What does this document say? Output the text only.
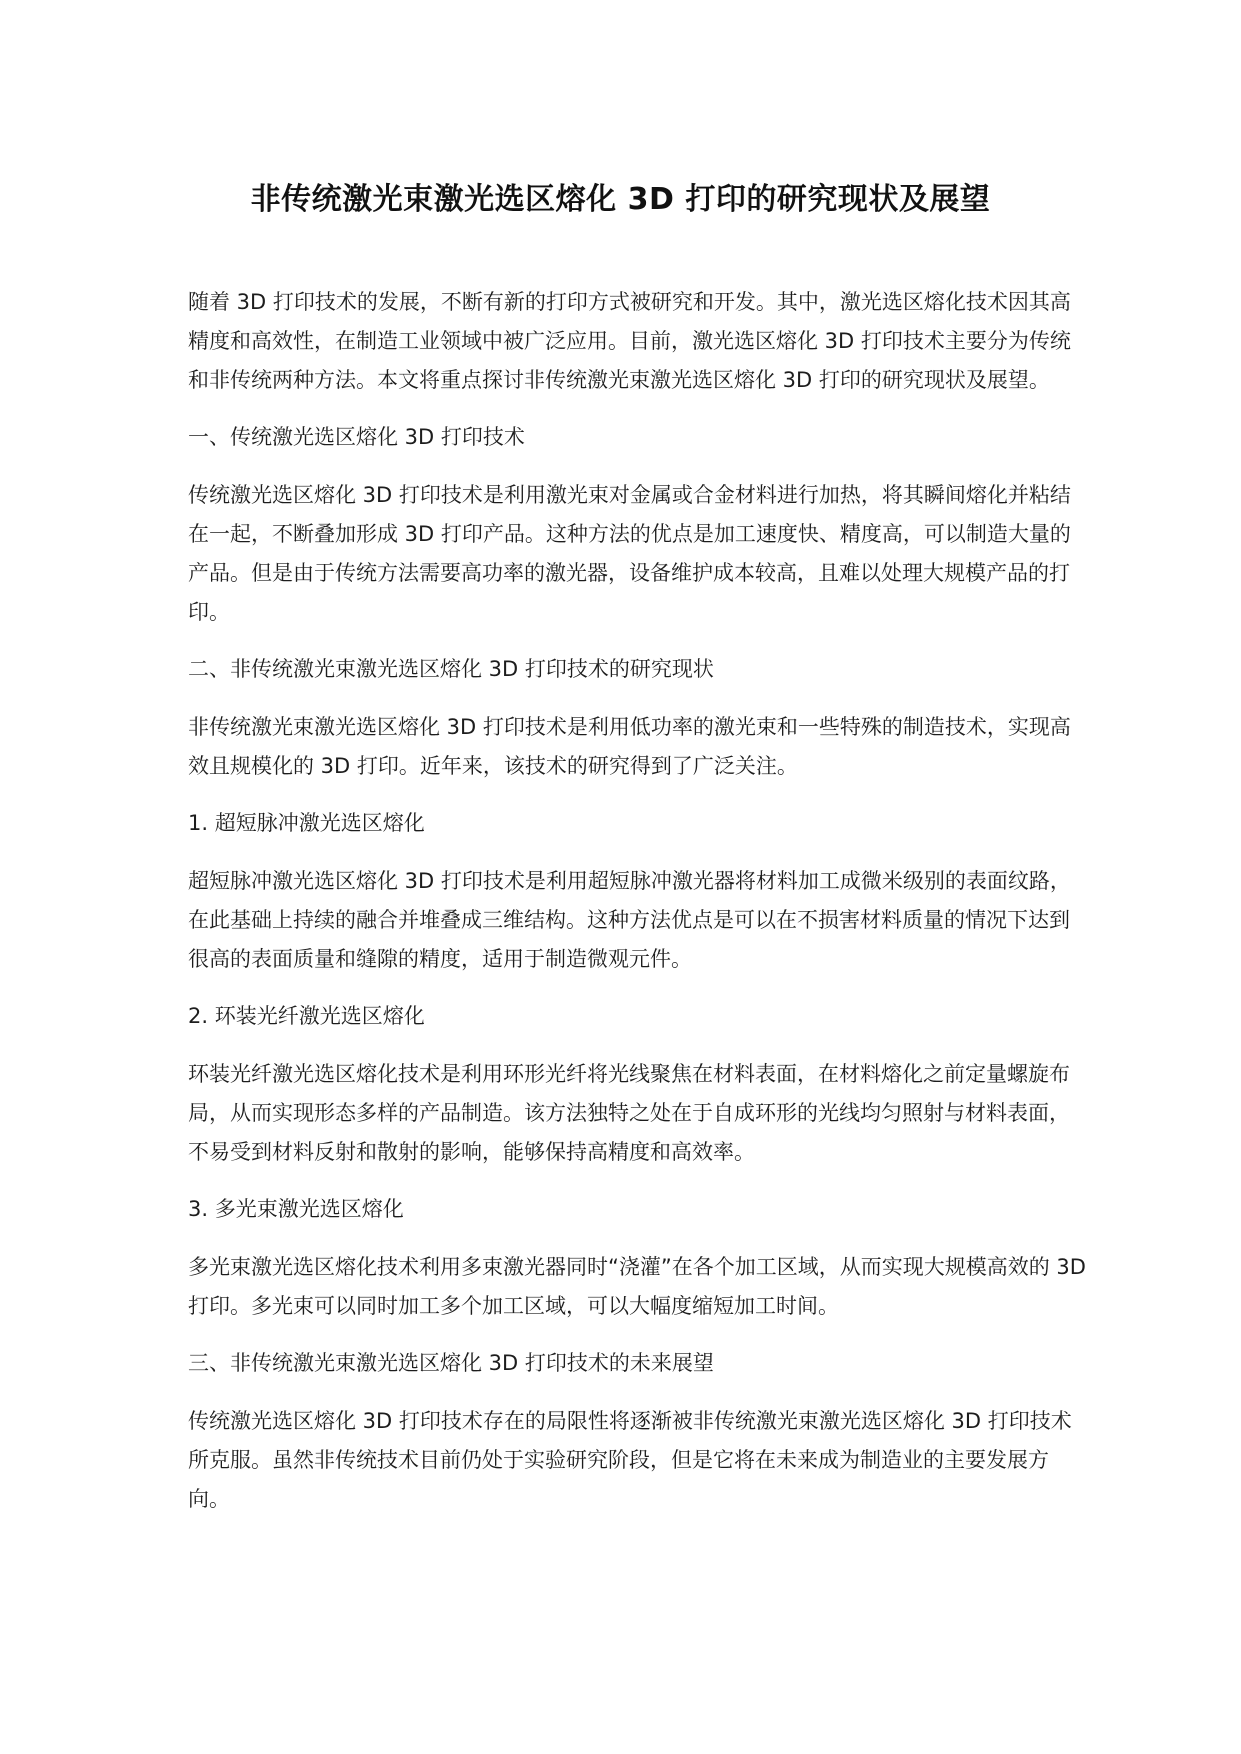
非传统激光束激光选区熔化 3D 打印的研究现状及展望

随着 3D 打印技术的发展，不断有新的打印方式被研究和开发。其中，激光选区熔化技术因其高精度和高效性，在制造工业领域中被广泛应用。目前，激光选区熔化 3D 打印技术主要分为传统和非传统两种方法。本文将重点探讨非传统激光束激光选区熔化 3D 打印的研究现状及展望。

一、传统激光选区熔化 3D 打印技术

传统激光选区熔化 3D 打印技术是利用激光束对金属或合金材料进行加热，将其瞬间熔化并粘结在一起，不断叠加形成 3D 打印产品。这种方法的优点是加工速度快、精度高，可以制造大量的产品。但是由于传统方法需要高功率的激光器，设备维护成本较高，且难以处理大规模产品的打印。

二、非传统激光束激光选区熔化 3D 打印技术的研究现状

非传统激光束激光选区熔化 3D 打印技术是利用低功率的激光束和一些特殊的制造技术，实现高效且规模化的 3D 打印。近年来，该技术的研究得到了广泛关注。

1. 超短脉冲激光选区熔化

超短脉冲激光选区熔化 3D 打印技术是利用超短脉冲激光器将材料加工成微米级别的表面纹路，在此基础上持续的融合并堆叠成三维结构。这种方法优点是可以在不损害材料质量的情况下达到很高的表面质量和缝隙的精度，适用于制造微观元件。

2. 环装光纤激光选区熔化

环装光纤激光选区熔化技术是利用环形光纤将光线聚焦在材料表面，在材料熔化之前定量螺旋布局，从而实现形态多样的产品制造。该方法独特之处在于自成环形的光线均匀照射与材料表面，不易受到材料反射和散射的影响，能够保持高精度和高效率。

3. 多光束激光选区熔化

多光束激光选区熔化技术利用多束激光器同时“浇灌”在各个加工区域，从而实现大规模高效的 3D 打印。多光束可以同时加工多个加工区域，可以大幅度缩短加工时间。

三、非传统激光束激光选区熔化 3D 打印技术的未来展望

传统激光选区熔化 3D 打印技术存在的局限性将逐渐被非传统激光束激光选区熔化 3D 打印技术所克服。虽然非传统技术目前仍处于实验研究阶段，但是它将在未来成为制造业的主要发展方向。
